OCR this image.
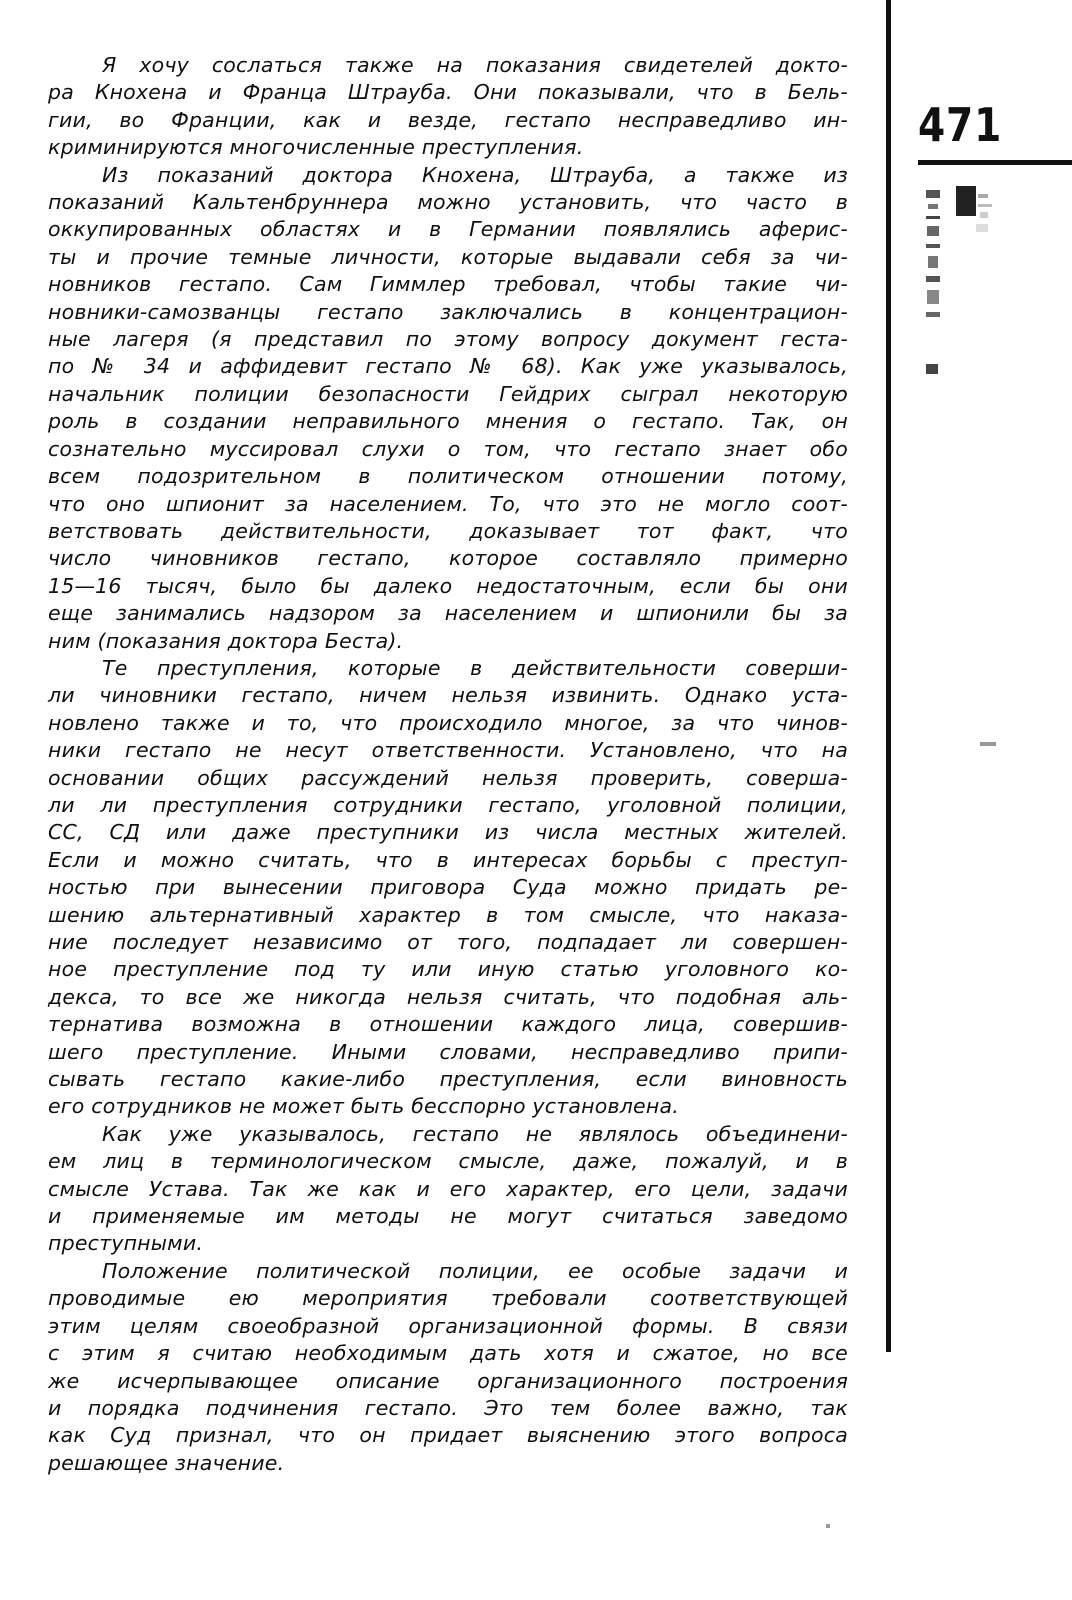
471
Я хочу сослаться также на показания свидетелей докто-
ра Кнохена и Франца Штрауба. Они показывали, что в Бель-
гии, во Франции, как и везде, гестапо несправедливо ин-
криминируются многочисленные преступления.
Из показаний доктора Кнохена, Штрауба, а также из
показаний Кальтенбруннера можно установить, что часто в
оккупированных областях и в Германии появлялись аферис-
ты и прочие темные личности, которые выдавали себя за чи-
новников гестапо. Сам Гиммлер требовал, чтобы такие чи-
новники-самозванцы гестапо заключались в концентрацион-
ные лагеря (я представил по этому вопросу документ геста-
по № 34 и аффидевит гестапо № 68). Как уже указывалось,
начальник полиции безопасности Гейдрих сыграл некоторую
роль в создании неправильного мнения о гестапо. Так, он
сознательно муссировал слухи о том, что гестапо знает обо
всем подозрительном в политическом отношении потому,
что оно шпионит за населением. То, что это не могло соот-
ветствовать действительности, доказывает тот факт, что
число чиновников гестапо, которое составляло примерно
15—16 тысяч, было бы далеко недостаточным, если бы они
еще занимались надзором за населением и шпионили бы за
ним (показания доктора Беста).
Те преступления, которые в действительности соверши-
ли чиновники гестапо, ничем нельзя извинить. Однако уста-
новлено также и то, что происходило многое, за что чинов-
ники гестапо не несут ответственности. Установлено, что на
основании общих рассуждений нельзя проверить, соверша-
ли ли преступления сотрудники гестапо, уголовной полиции,
СС, СД или даже преступники из числа местных жителей.
Если и можно считать, что в интересах борьбы с преступ-
ностью при вынесении приговора Суда можно придать ре-
шению альтернативный характер в том смысле, что наказа-
ние последует независимо от того, подпадает ли совершен-
ное преступление под ту или иную статью уголовного ко-
декса, то все же никогда нельзя считать, что подобная аль-
тернатива возможна в отношении каждого лица, совершив-
шего преступление. Иными словами, несправедливо припи-
сывать гестапо какие-либо преступления, если виновность
его сотрудников не может быть бесспорно установлена.
Как уже указывалось, гестапо не являлось объединени-
ем лиц в терминологическом смысле, даже, пожалуй, и в
смысле Устава. Так же как и его характер, его цели, задачи
и применяемые им методы не могут считаться заведомо
преступными.
Положение политической полиции, ее особые задачи и
проводимые ею мероприятия требовали соответствующей
этим целям своеобразной организационной формы. В связи
с этим я считаю необходимым дать хотя и сжатое, но все
же исчерпывающее описание организационного построения
и порядка подчинения гестапо. Это тем более важно, так
как Суд признал, что он придает выяснению этого вопроса
решающее значение.
